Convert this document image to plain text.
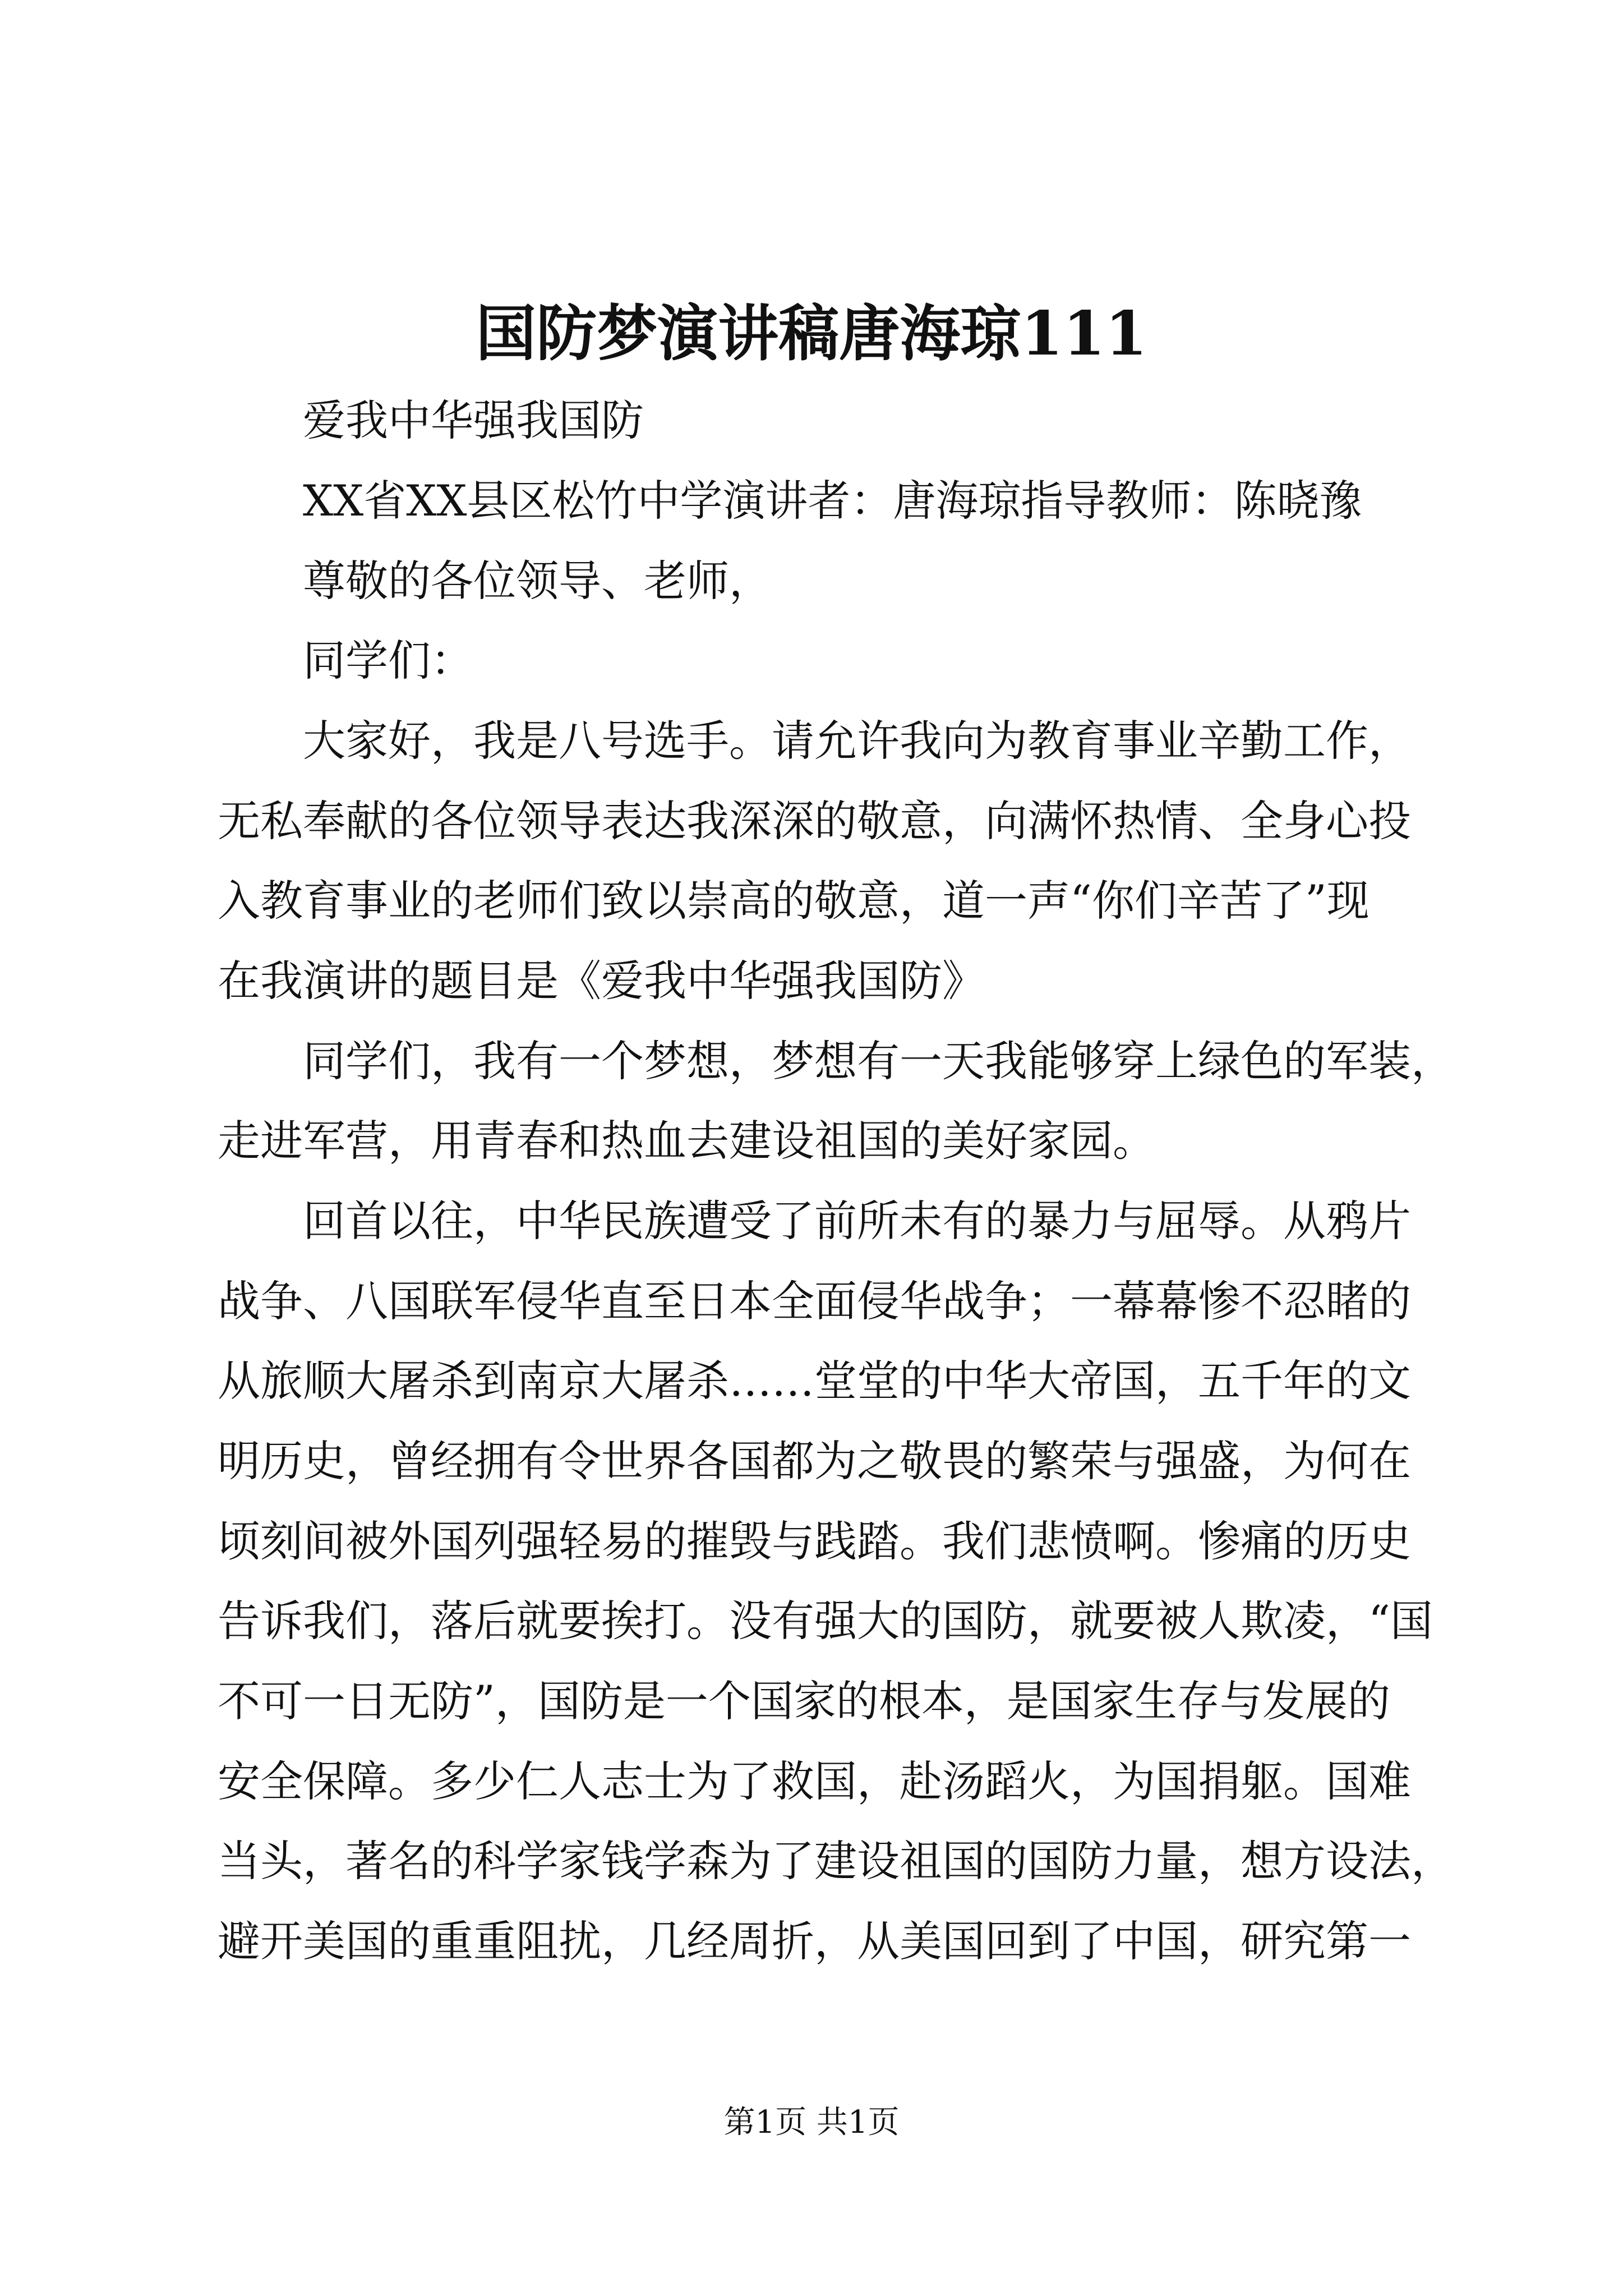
国防梦演讲稿唐海琼111
爱我中华强我国防
XX省XX县区松竹中学演讲者：唐海琼指导教师：陈晓豫
尊敬的各位领导、老师，
同学们：
大家好，我是八号选手。请允许我向为教育事业辛勤工作，
无私奉献的各位领导表达我深深的敬意，向满怀热情、全身心投
入教育事业的老师们致以崇高的敬意，道一声“你们辛苦了”现
在我演讲的题目是《爱我中华强我国防》
同学们，我有一个梦想，梦想有一天我能够穿上绿色的军装，
走进军营，用青春和热血去建设祖国的美好家园。
回首以往，中华民族遭受了前所未有的暴力与屈辱。从鸦片
战争、八国联军侵华直至日本全面侵华战争；一幕幕惨不忍睹的
从旅顺大屠杀到南京大屠杀……堂堂的中华大帝国，五千年的文
明历史，曾经拥有令世界各国都为之敬畏的繁荣与强盛，为何在
顷刻间被外国列强轻易的摧毁与践踏。我们悲愤啊。惨痛的历史
告诉我们，落后就要挨打。没有强大的国防，就要被人欺凌，“国
不可一日无防”，国防是一个国家的根本，是国家生存与发展的
安全保障。多少仁人志士为了救国，赴汤蹈火，为国捐躯。国难
当头，著名的科学家钱学森为了建设祖国的国防力量，想方设法，
避开美国的重重阻扰，几经周折，从美国回到了中国，研究第一
第1页 共1页
